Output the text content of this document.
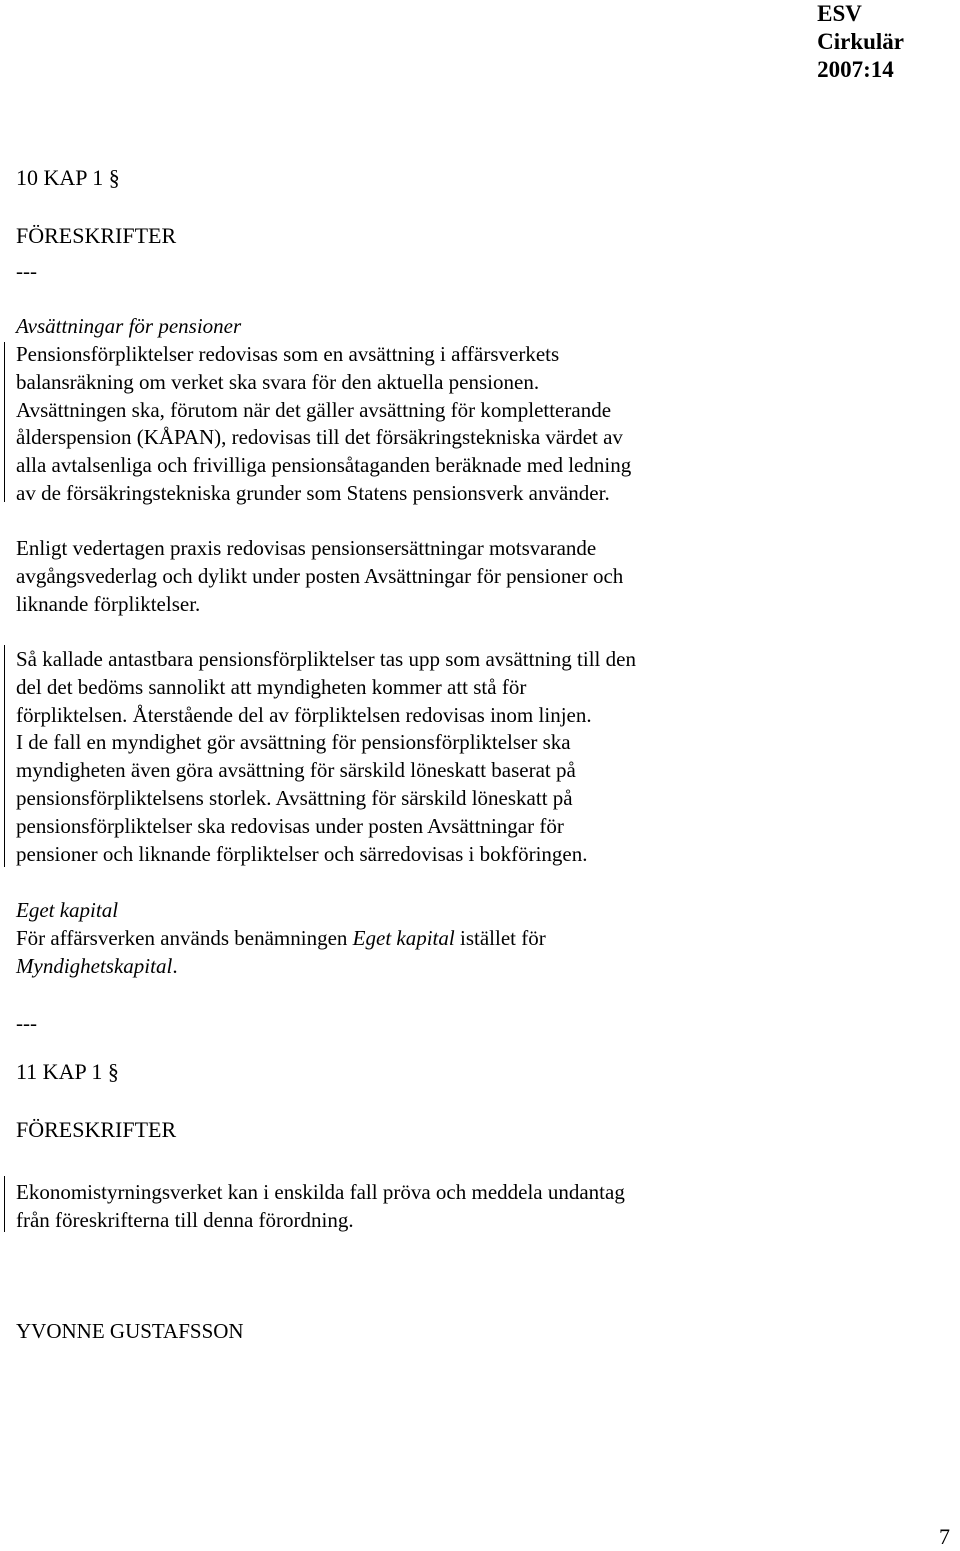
ESV
Cirkulär
2007:14
10 KAP 1 §
FÖRESKRIFTER
---
Avsättningar för pensioner
Pensionsförpliktelser redovisas som en avsättning i affärsverkets
balansräkning om verket ska svara för den aktuella pensionen.
Avsättningen ska, förutom när det gäller avsättning för kompletterande
ålderspension (KÅPAN), redovisas till det försäkringstekniska värdet av
alla avtalsenliga och frivilliga pensionsåtaganden beräknade med ledning
av de försäkringstekniska grunder som Statens pensionsverk använder.
Enligt vedertagen praxis redovisas pensionsersättningar motsvarande
avgångsvederlag och dylikt under posten Avsättningar för pensioner och
liknande förpliktelser.
Så kallade antastbara pensionsförpliktelser tas upp som avsättning till den
del det bedöms sannolikt att myndigheten kommer att stå för
förpliktelsen. Återstående del av förpliktelsen redovisas inom linjen.
I de fall en myndighet gör avsättning för pensionsförpliktelser ska
myndigheten även göra avsättning för särskild löneskatt baserat på
pensionsförpliktelsens storlek. Avsättning för särskild löneskatt på
pensionsförpliktelser ska redovisas under posten Avsättningar för
pensioner och liknande förpliktelser och särredovisas i bokföringen.
Eget kapital
För affärsverken används benämningen Eget kapital istället för
Myndighetskapital.
---
11 KAP 1 §
FÖRESKRIFTER
Ekonomistyrningsverket kan i enskilda fall pröva och meddela undantag
från föreskrifterna till denna förordning.
YVONNE GUSTAFSSON
7
